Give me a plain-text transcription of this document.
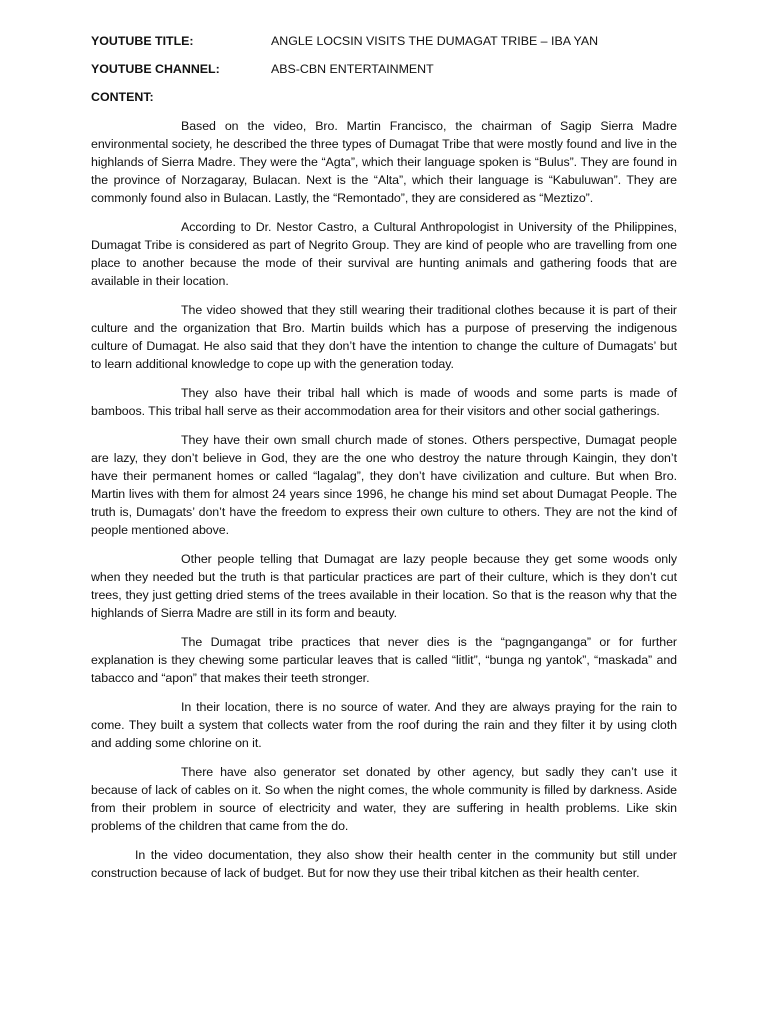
YOUTUBE TITLE:	ANGLE LOCSIN VISITS THE DUMAGAT TRIBE – IBA YAN
YOUTUBE CHANNEL:	ABS-CBN ENTERTAINMENT
CONTENT:

Based on the video, Bro. Martin Francisco, the chairman of Sagip Sierra Madre environmental society, he described the three types of Dumagat Tribe that were mostly found and live in the highlands of Sierra Madre. They were the “Agta”, which their language spoken is “Bulus”. They are found in the province of Norzagaray, Bulacan. Next is the “Alta”, which their language is “Kabuluwan”. They are commonly found also in Bulacan. Lastly, the “Remontado”, they are considered as “Meztizo”.

According to Dr. Nestor Castro, a Cultural Anthropologist in University of the Philippines, Dumagat Tribe is considered as part of Negrito Group. They are kind of people who are travelling from one place to another because the mode of their survival are hunting animals and gathering foods that are available in their location.

The video showed that they still wearing their traditional clothes because it is part of their culture and the organization that Bro. Martin builds which has a purpose of preserving the indigenous culture of Dumagat. He also said that they don’t have the intention to change the culture of Dumagats’ but to learn additional knowledge to cope up with the generation today.

They also have their tribal hall which is made of woods and some parts is made of bamboos. This tribal hall serve as their accommodation area for their visitors and other social gatherings.

They have their own small church made of stones. Others perspective, Dumagat people are lazy, they don’t believe in God, they are the one who destroy the nature through Kaingin, they don’t have their permanent homes or called “lagalag”, they don’t have civilization and culture. But when Bro. Martin lives with them for almost 24 years since 1996, he change his mind set about Dumagat People. The truth is, Dumagats’ don’t have the freedom to express their own culture to others. They are not the kind of people mentioned above.

Other people telling that Dumagat are lazy people because they get some woods only when they needed but the truth is that particular practices are part of their culture, which is they don’t cut trees, they just getting dried stems of the trees available in their location. So that is the reason why that the highlands of Sierra Madre are still in its form and beauty.

The Dumagat tribe practices that never dies is the “pagnganganga” or for further explanation is they chewing some particular leaves that is called “litlit”, “bunga ng yantok”, “maskada” and tabacco and “apon” that makes their teeth stronger.

In their location, there is no source of water. And they are always praying for the rain to come. They built a system that collects water from the roof during the rain and they filter it by using cloth and adding some chlorine on it.

There have also generator set donated by other agency, but sadly they can’t use it because of lack of cables on it. So when the night comes, the whole community is filled by darkness. Aside from their problem in source of electricity and water, they are suffering in health problems. Like skin problems of the children that came from the do.

In the video documentation, they also show their health center in the community but still under construction because of lack of budget. But for now they use their tribal kitchen as their health center.
